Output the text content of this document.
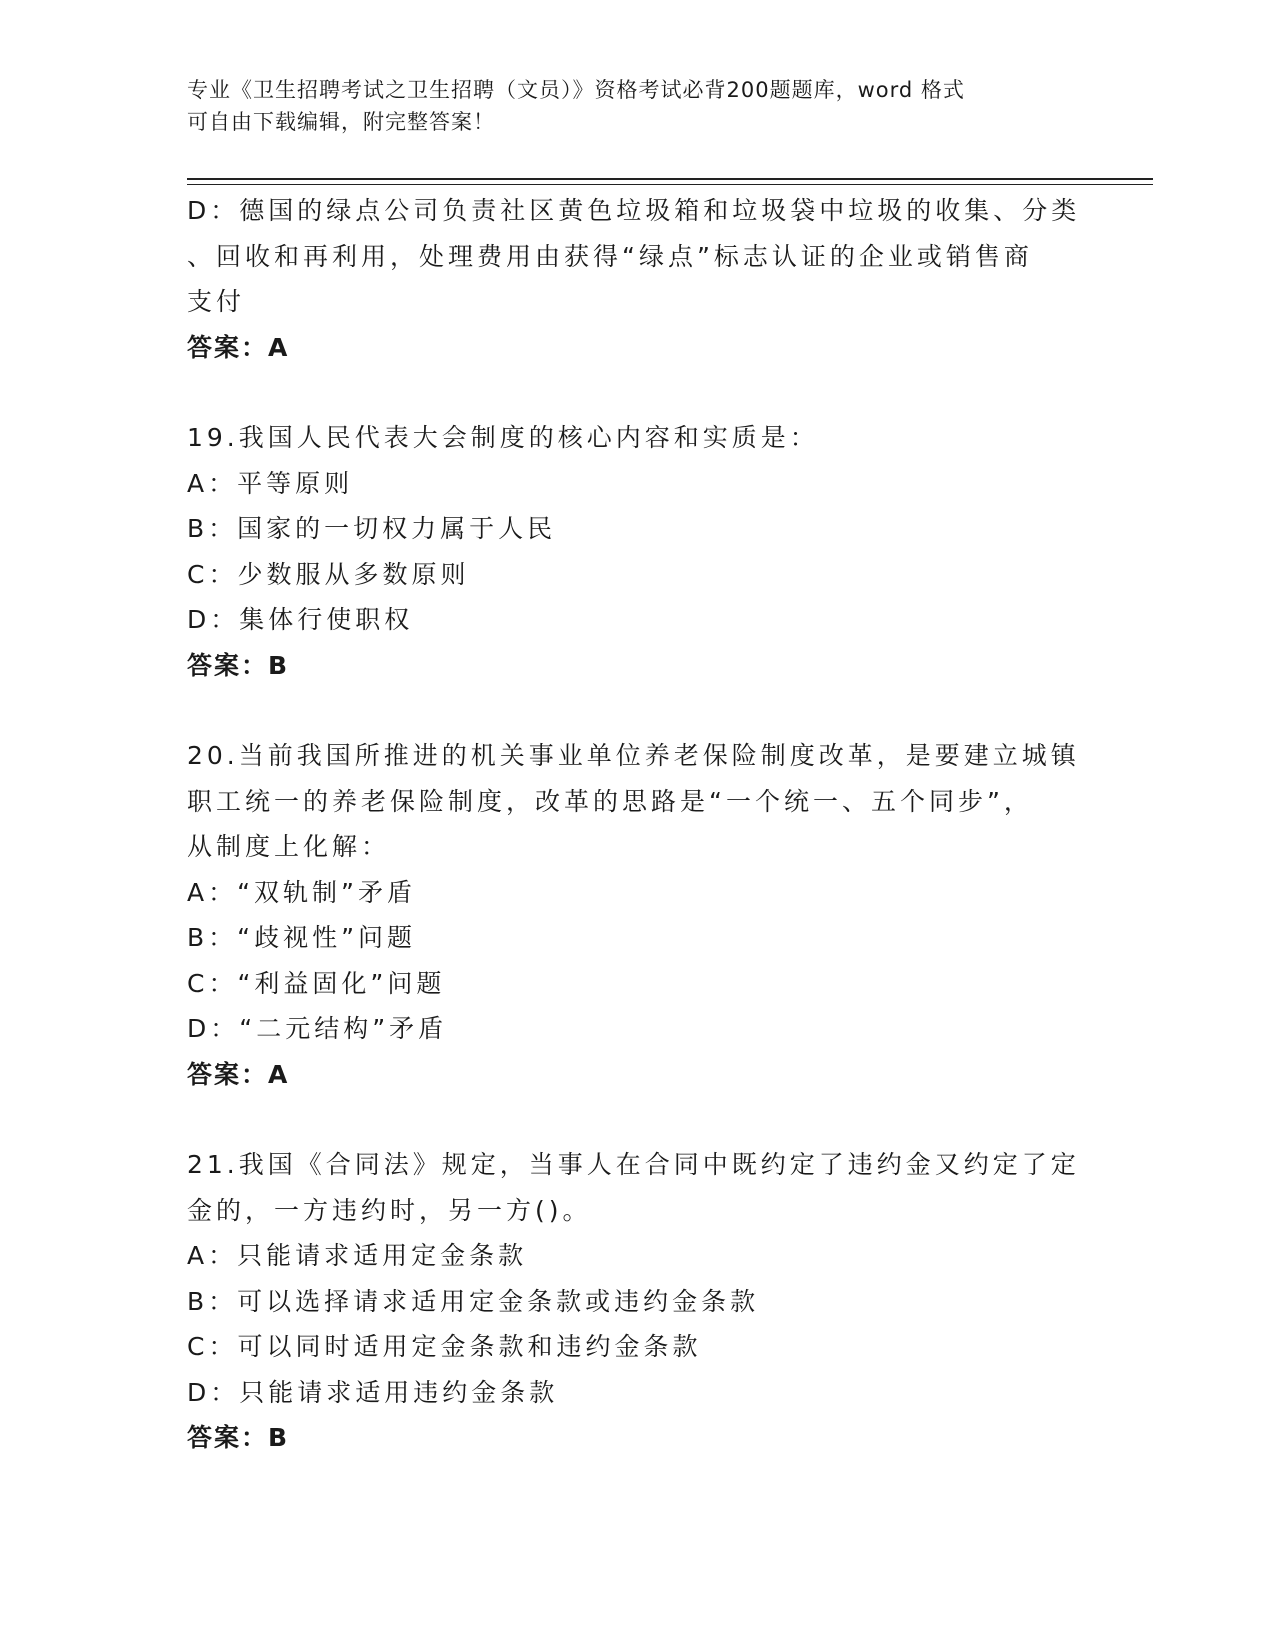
专业《卫生招聘考试之卫生招聘（文员）》资格考试必背200题题库，word 格式
可自由下载编辑，附完整答案！

D：德国的绿点公司负责社区黄色垃圾箱和垃圾袋中垃圾的收集、分类

、回收和再利用，处理费用由获得“绿点”标志认证的企业或销售商

支付

答案：A

19.我国人民代表大会制度的核心内容和实质是：

A：平等原则

B：国家的一切权力属于人民

C：少数服从多数原则

D：集体行使职权

答案：B

20.当前我国所推进的机关事业单位养老保险制度改革，是要建立城镇

职工统一的养老保险制度，改革的思路是“一个统一、五个同步”，

从制度上化解：

A：“双轨制”矛盾

B：“歧视性”问题

C：“利益固化”问题

D：“二元结构”矛盾

答案：A

21.我国《合同法》规定，当事人在合同中既约定了违约金又约定了定

金的，一方违约时，另一方()。

A：只能请求适用定金条款

B：可以选择请求适用定金条款或违约金条款

C：可以同时适用定金条款和违约金条款

D：只能请求适用违约金条款

答案：B
